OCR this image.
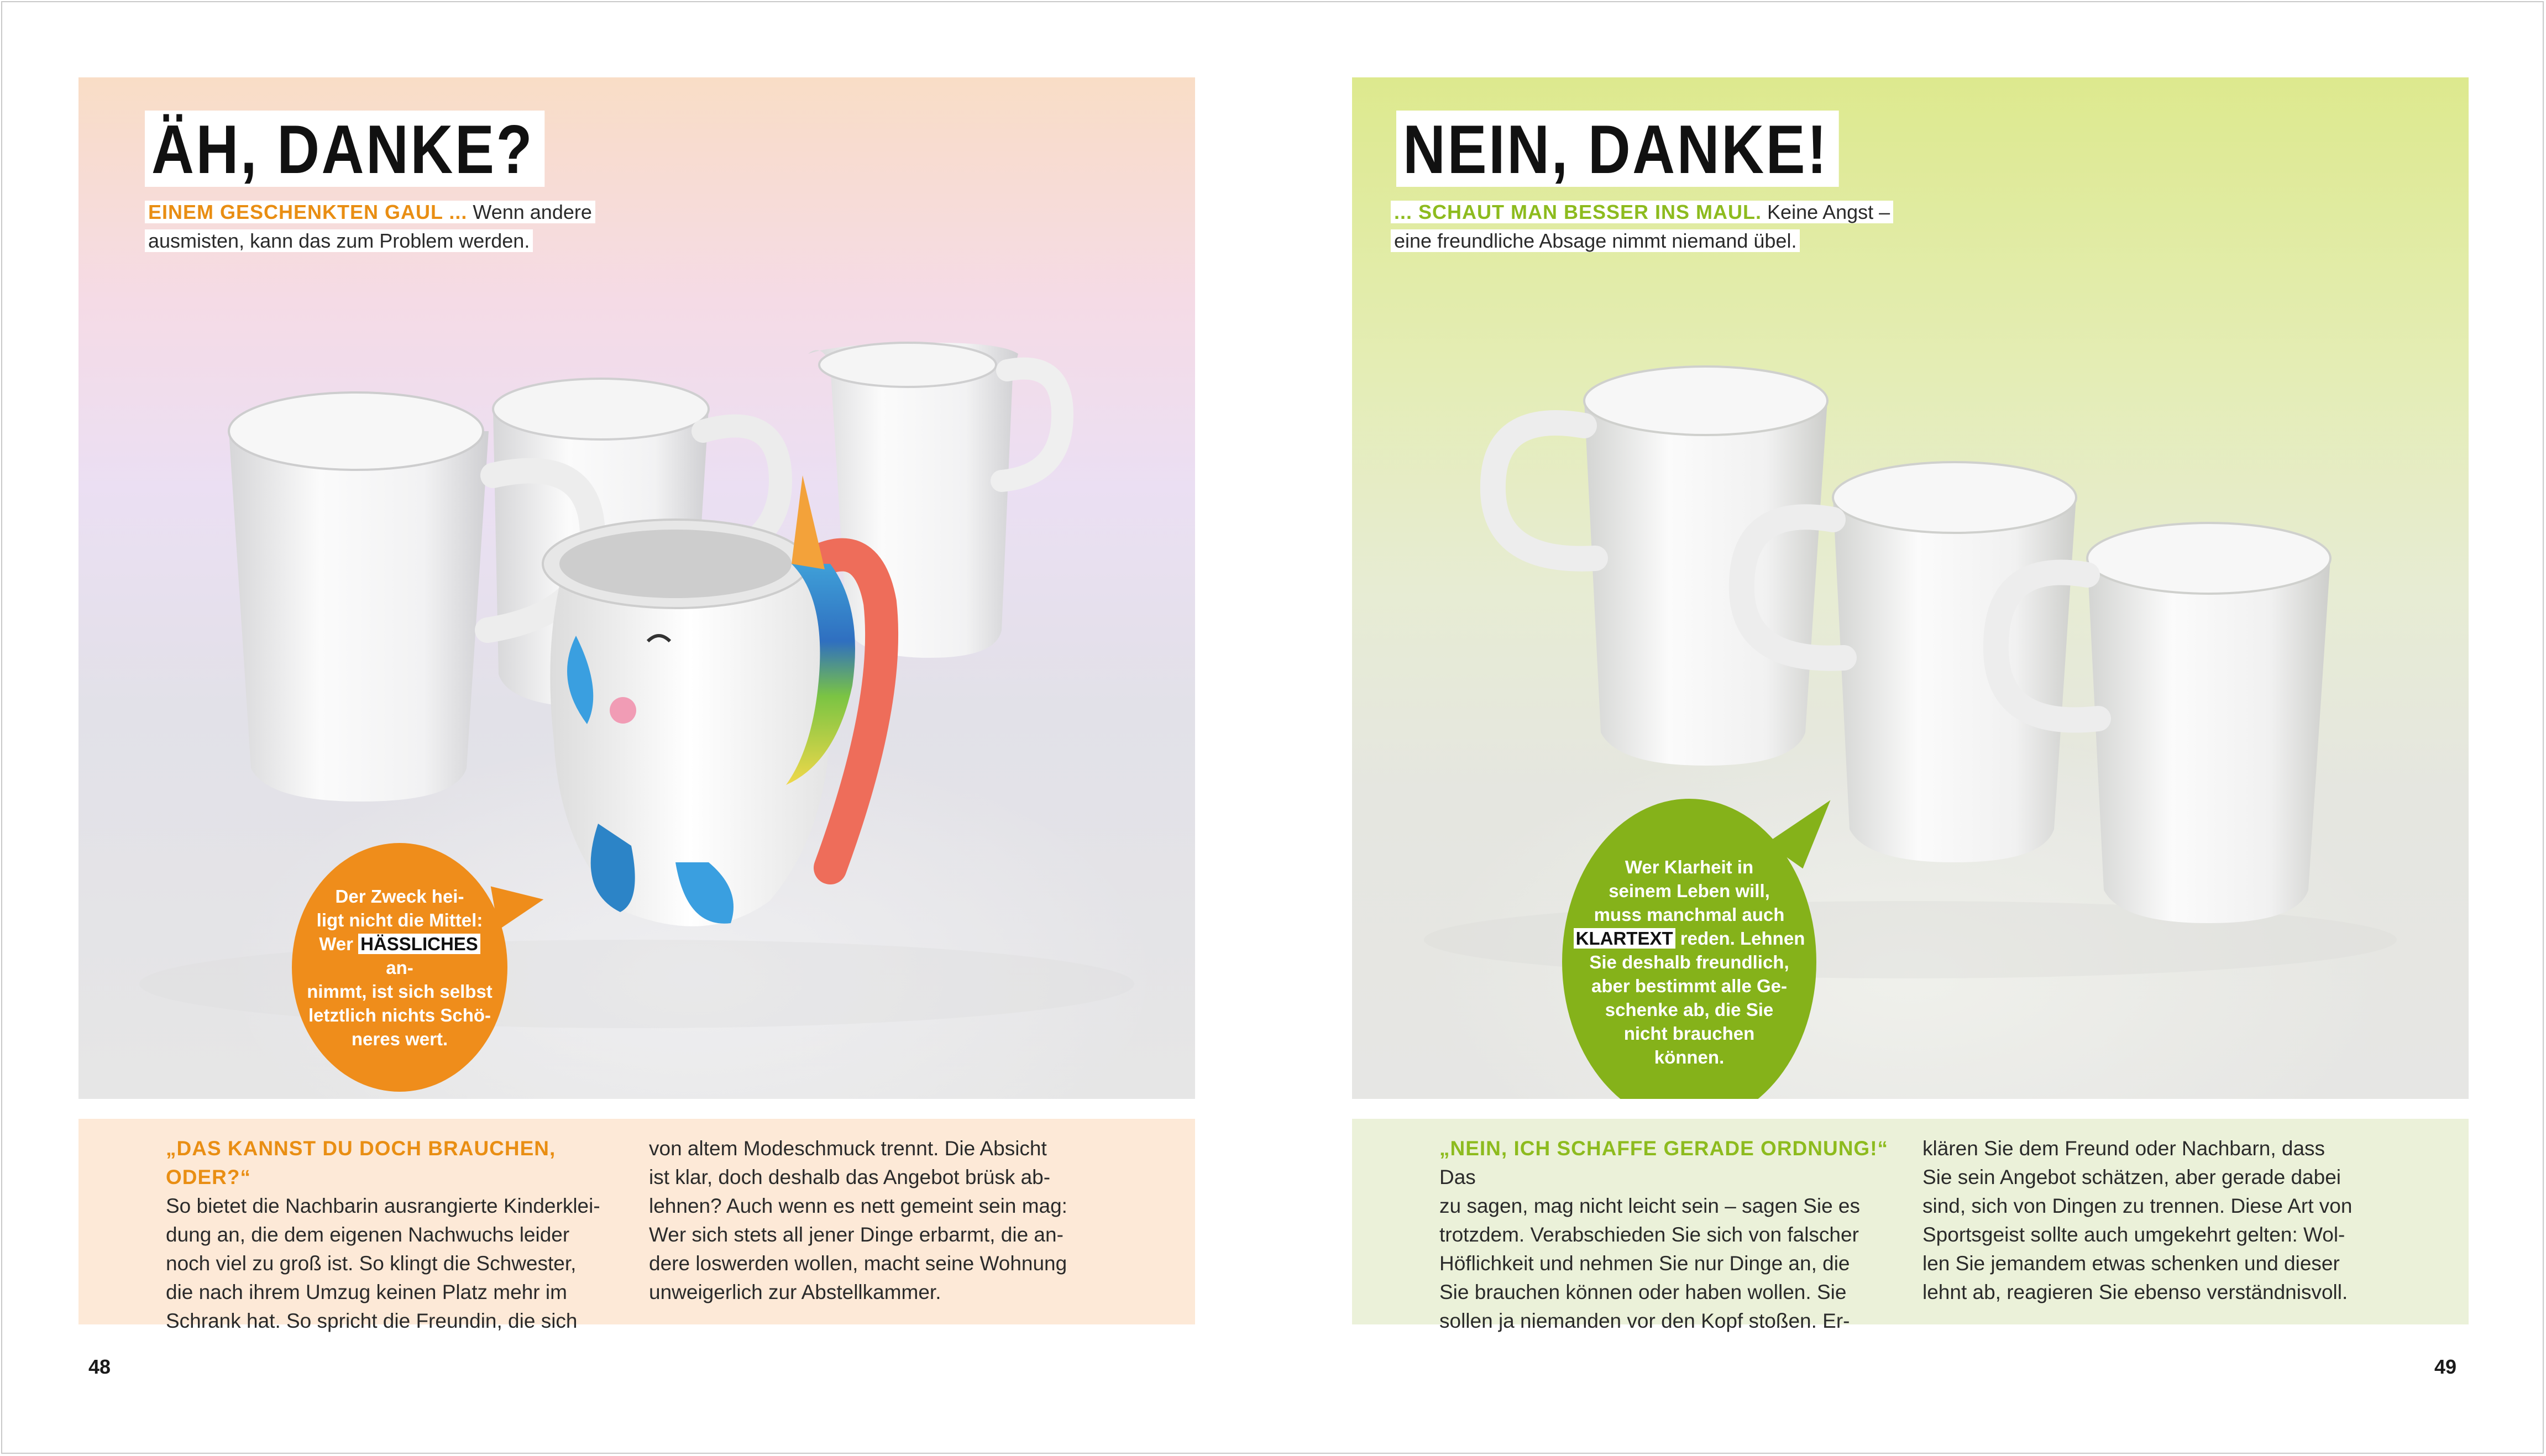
ÄH, DANKE?
EINEM GESCHENKTEN GAUL ... Wenn andere
ausmisten, kann das zum Problem werden.
Der Zweck hei-
ligt nicht die Mittel:
Wer HÄSSLICHES an-
nimmt, ist sich selbst
letztlich nichts Schö-
neres wert.
NEIN, DANKE!
... SCHAUT MAN BESSER INS MAUL. Keine Angst –
eine freundliche Absage nimmt niemand übel.
Wer Klarheit in
seinem Leben will,
muss manchmal auch
KLARTEXT reden. Lehnen
Sie deshalb freundlich,
aber bestimmt alle Ge-
schenke ab, die Sie
nicht brauchen
können.
„DAS KANNST DU DOCH BRAUCHEN, ODER?“
So bietet die Nachbarin ausrangierte Kinderklei-
dung an, die dem eigenen Nachwuchs leider
noch viel zu groß ist. So klingt die Schwester,
die nach ihrem Umzug keinen Platz mehr im
Schrank hat. So spricht die Freundin, die sich
von altem Modeschmuck trennt. Die Absicht
ist klar, doch deshalb das Angebot brüsk ab-
lehnen? Auch wenn es nett gemeint sein mag:
Wer sich stets all jener Dinge erbarmt, die an-
dere loswerden wollen, macht seine Wohnung
unweigerlich zur Abstellkammer.
„NEIN, ICH SCHAFFE GERADE ORDNUNG!“ Das
zu sagen, mag nicht leicht sein – sagen Sie es
trotzdem. Verabschieden Sie sich von falscher
Höflichkeit und nehmen Sie nur Dinge an, die
Sie brauchen können oder haben wollen. Sie
sollen ja niemanden vor den Kopf stoßen. Er-
klären Sie dem Freund oder Nachbarn, dass
Sie sein Angebot schätzen, aber gerade dabei
sind, sich von Dingen zu trennen. Diese Art von
Sportsgeist sollte auch umgekehrt gelten: Wol-
len Sie jemandem etwas schenken und dieser
lehnt ab, reagieren Sie ebenso verständnisvoll.
48	49
